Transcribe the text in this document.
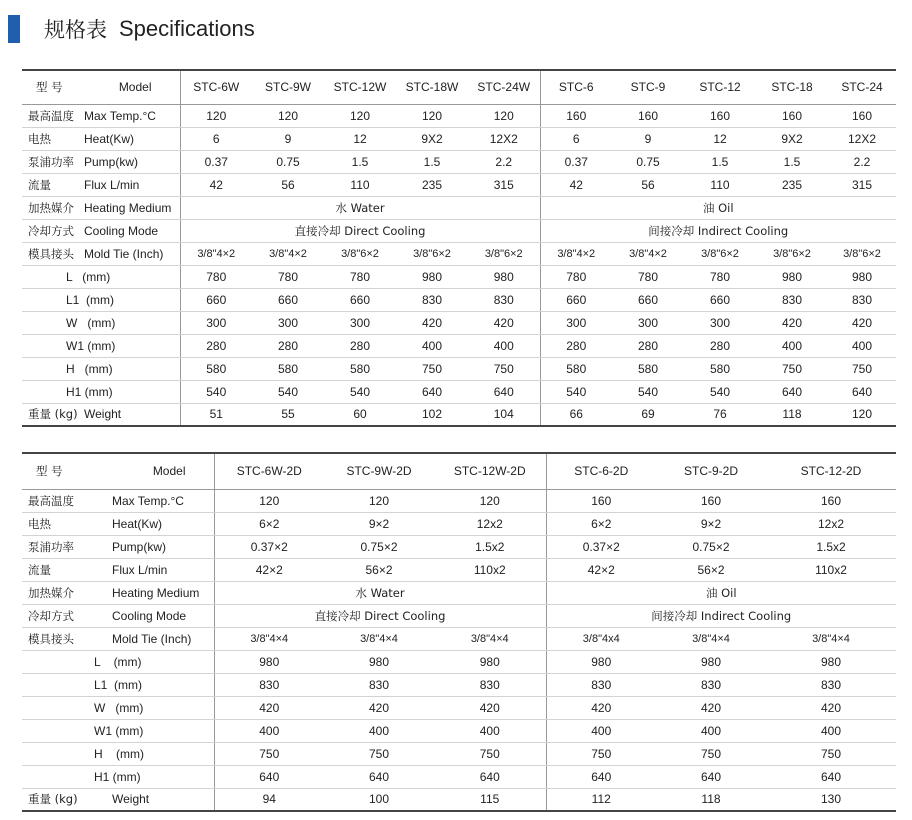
规格表 Specifications
型 号	Model	STC-6W	STC-9W	STC-12W	STC-18W	STC-24W	STC-6	STC-9	STC-12	STC-18	STC-24
最高温度	Max Temp.°C	120	120	120	120	120	160	160	160	160	160
电热	Heat(Kw)	6	9	12	9X2	12X2	6	9	12	9X2	12X2
泵浦功率	Pump(kw)	0.37	0.75	1.5	1.5	2.2	0.37	0.75	1.5	1.5	2.2
流量	Flux L/min	42	56	110	235	315	42	56	110	235	315
加热媒介	Heating Medium	水 Water					油 Oil				
冷却方式	Cooling Mode	直接冷却 Direct Cooling					间接冷却 Indirect Cooling				
模具接头	Mold Tie (Inch)	3/8"4×2	3/8"4×2	3/8"6×2	3/8"6×2	3/8"6×2	3/8"4×2	3/8"4×2	3/8"6×2	3/8"6×2	3/8"6×2
L   (mm)		780	780	780	980	980	780	780	780	980	980
L1  (mm)		660	660	660	830	830	660	660	660	830	830
W   (mm)		300	300	300	420	420	300	300	300	420	420
W1 (mm)		280	280	280	400	400	280	280	280	400	400
H   (mm)		580	580	580	750	750	580	580	580	750	750
H1 (mm)		540	540	540	640	640	540	540	540	640	640
重量 (kg)	Weight	51	55	60	102	104	66	69	76	118	120
型 号	Model	STC-6W-2D	STC-9W-2D	STC-12W-2D	STC-6-2D	STC-9-2D	STC-12-2D
最高温度	Max Temp.°C	120	120	120	160	160	160
电热	Heat(Kw)	6×2	9×2	12x2	6×2	9×2	12x2
泵浦功率	Pump(kw)	0.37×2	0.75×2	1.5x2	0.37×2	0.75×2	1.5x2
流量	Flux L/min	42×2	56×2	110x2	42×2	56×2	110x2
加热媒介	Heating Medium	水 Water			油 Oil		
冷却方式	Cooling Mode	直接冷却 Direct Cooling			间接冷却 Indirect Cooling		
模具接头	Mold Tie (Inch)	3/8"4×4	3/8"4×4	3/8"4×4	3/8"4x4	3/8"4×4	3/8"4×4
L    (mm)		980	980	980	980	980	980
L1  (mm)		830	830	830	830	830	830
W   (mm)		420	420	420	420	420	420
W1 (mm)		400	400	400	400	400	400
H    (mm)		750	750	750	750	750	750
H1 (mm)		640	640	640	640	640	640
重量 (kg)	Weight	94	100	115	112	118	130
